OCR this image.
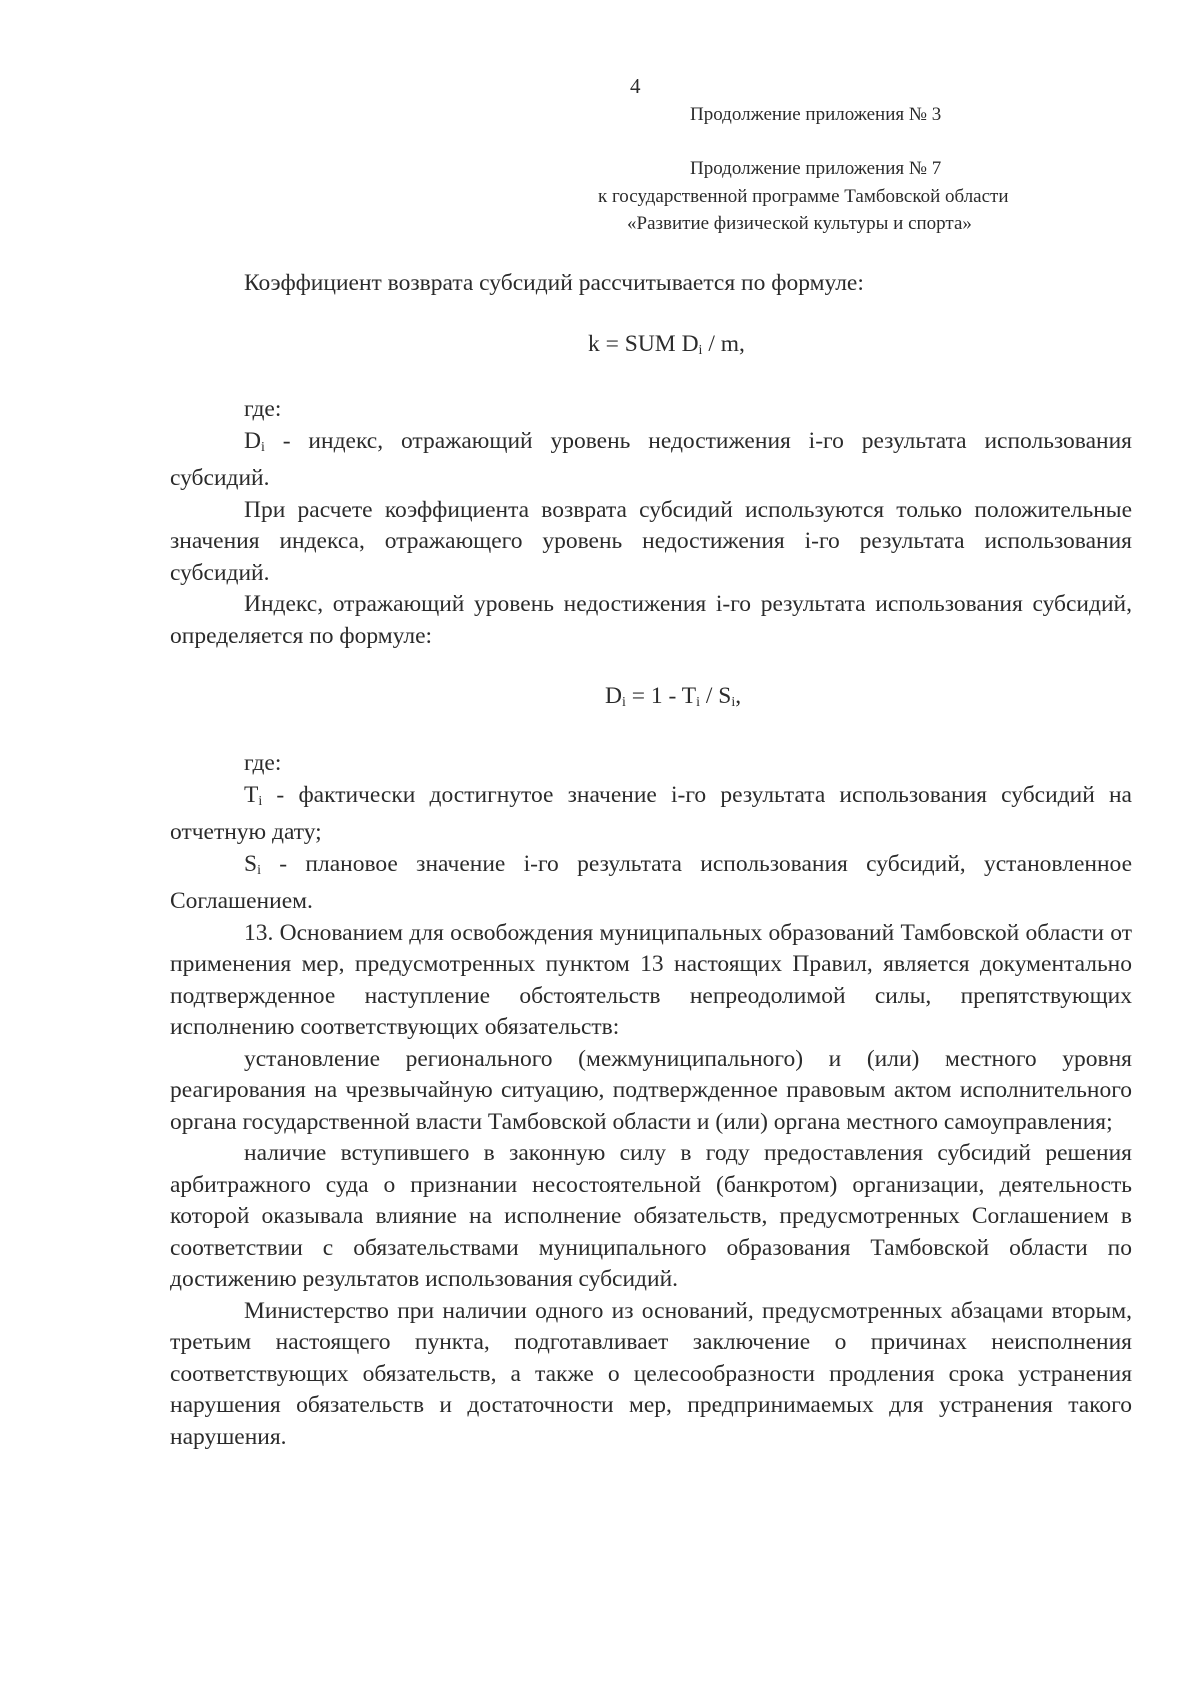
4
Продолжение приложения № 3
Продолжение приложения № 7
к государственной программе Тамбовской области
«Развитие физической культуры и спорта»

Коэффициент возврата субсидий рассчитывается по формуле:

k = SUM $D_i$ / m,

где:

$D_i$ - индекс, отражающий уровень недостижения i-го результата использования субсидий.

При расчете коэффициента возврата субсидий используются только положительные значения индекса, отражающего уровень недостижения i-го результата использования субсидий.

Индекс, отражающий уровень недостижения i-го результата использования субсидий, определяется по формуле:

$D_i = 1 - T_i / S_i$,

где:

$T_i$ - фактически достигнутое значение i-го результата использования субсидий на отчетную дату;

$S_i$ - плановое значение i-го результата использования субсидий, установленное Соглашением.

13. Основанием для освобождения муниципальных образований Тамбовской области от применения мер, предусмотренных пунктом 13 настоящих Правил, является документально подтвержденное наступление обстоятельств непреодолимой силы, препятствующих исполнению соответствующих обязательств:

установление регионального (межмуниципального) и (или) местного уровня реагирования на чрезвычайную ситуацию, подтвержденное правовым актом исполнительного органа государственной власти Тамбовской области и (или) органа местного самоуправления;

наличие вступившего в законную силу в году предоставления субсидий решения арбитражного суда о признании несостоятельной (банкротом) организации, деятельность которой оказывала влияние на исполнение обязательств, предусмотренных Соглашением в соответствии с обязательствами муниципального образования Тамбовской области по достижению результатов использования субсидий.

Министерство при наличии одного из оснований, предусмотренных абзацами вторым, третьим настоящего пункта, подготавливает заключение о причинах неисполнения соответствующих обязательств, а также о целесообразности продления срока устранения нарушения обязательств и достаточности мер, предпринимаемых для устранения такого нарушения.
